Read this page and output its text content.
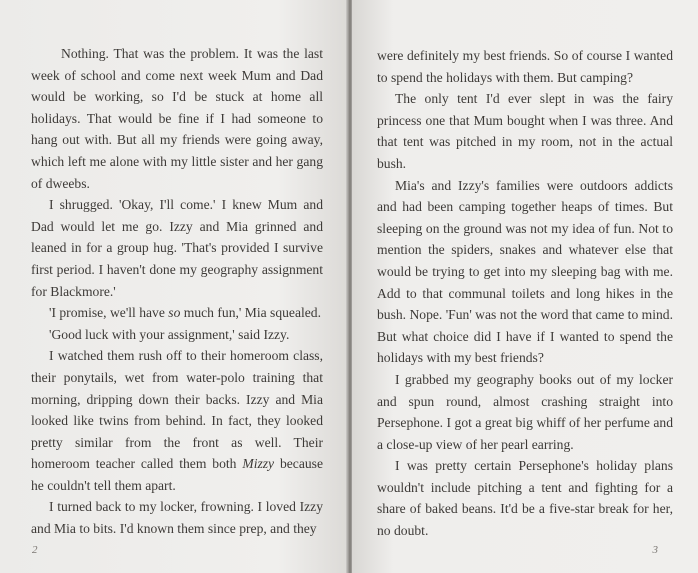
Nothing. That was the problem. It was the last week of school and come next week Mum and Dad would be working, so I'd be stuck at home all holidays. That would be fine if I had someone to hang out with. But all my friends were going away, which left me alone with my little sister and her gang of dweebs.

I shrugged. 'Okay, I'll come.' I knew Mum and Dad would let me go. Izzy and Mia grinned and leaned in for a group hug. 'That's provided I survive first period. I haven't done my geography assignment for Blackmore.'

'I promise, we'll have so much fun,' Mia squealed.

'Good luck with your assignment,' said Izzy.

I watched them rush off to their homeroom class, their ponytails, wet from water-polo training that morning, dripping down their backs. Izzy and Mia looked like twins from behind. In fact, they looked pretty similar from the front as well. Their homeroom teacher called them both Mizzy because he couldn't tell them apart.

I turned back to my locker, frowning. I loved Izzy and Mia to bits. I'd known them since prep, and they

2

were definitely my best friends. So of course I wanted to spend the holidays with them. But camping?

The only tent I'd ever slept in was the fairy princess one that Mum bought when I was three. And that tent was pitched in my room, not in the actual bush.

Mia's and Izzy's families were outdoors addicts and had been camping together heaps of times. But sleeping on the ground was not my idea of fun. Not to mention the spiders, snakes and whatever else that would be trying to get into my sleeping bag with me. Add to that communal toilets and long hikes in the bush. Nope. 'Fun' was not the word that came to mind. But what choice did I have if I wanted to spend the holidays with my best friends?

I grabbed my geography books out of my locker and spun round, almost crashing straight into Persephone. I got a great big whiff of her perfume and a close-up view of her pearl earring.

I was pretty certain Persephone's holiday plans wouldn't include pitching a tent and fighting for a share of baked beans. It'd be a five-star break for her, no doubt.

3
